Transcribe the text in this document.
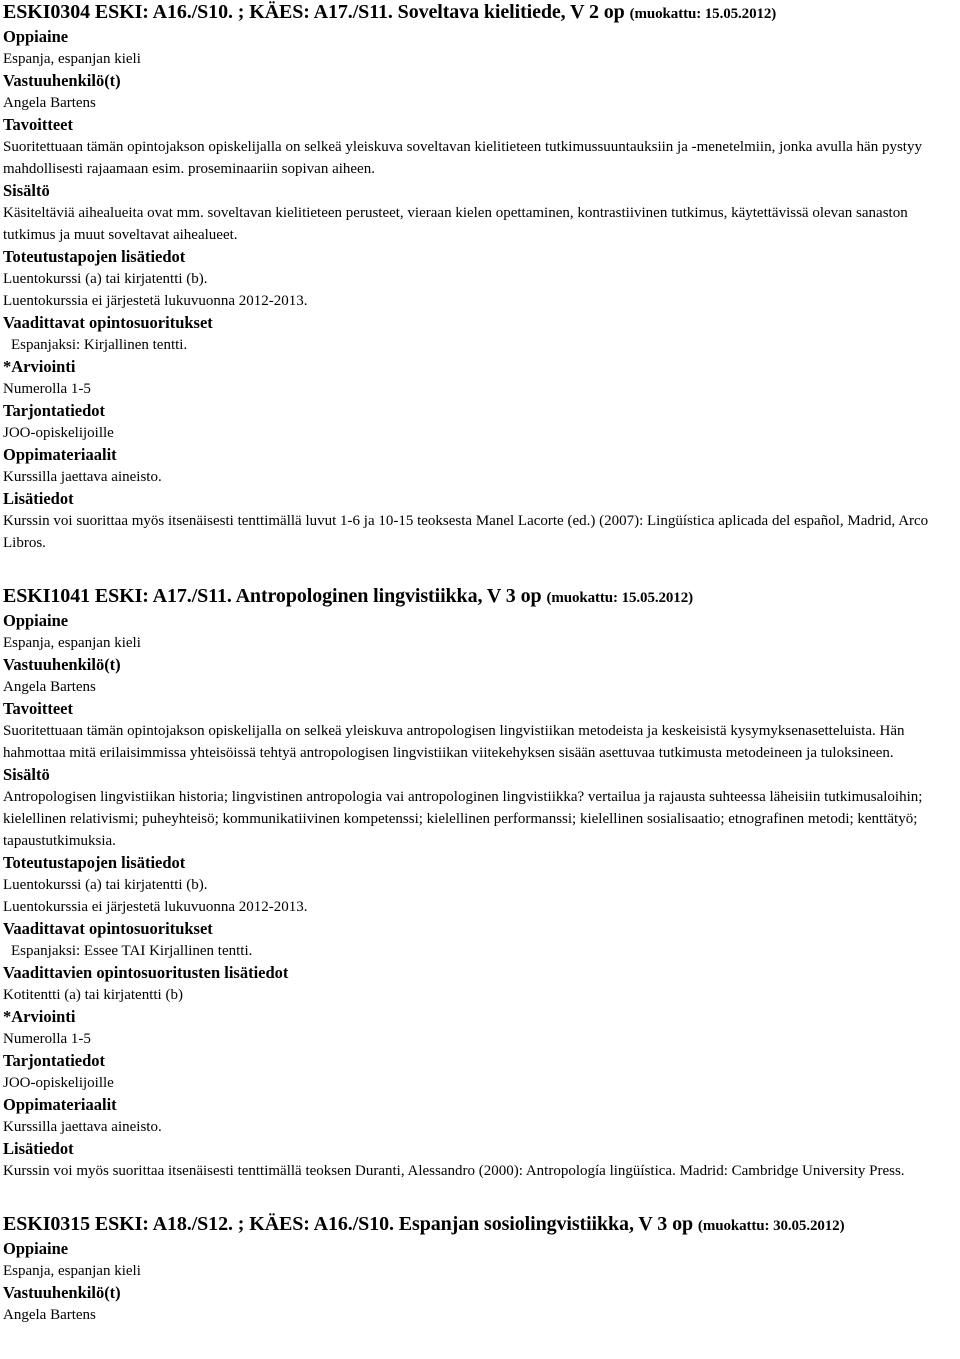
ESKI0304 ESKI: A16./S10. ; KÄES: A17./S11. Soveltava kielitiede, V 2 op (muokattu: 15.05.2012)
Oppiaine
Espanja, espanjan kieli
Vastuuhenkilö(t)
Angela Bartens
Tavoitteet
Suoritettuaan tämän opintojakson opiskelijalla on selkeä yleiskuva soveltavan kielitieteen tutkimussuuntauksiin ja -menetelmiin, jonka avulla hän pystyy mahdollisesti rajaamaan esim. proseminaariin sopivan aiheen.
Sisältö
Käsiteltäviä aihealueita ovat mm. soveltavan kielitieteen perusteet, vieraan kielen opettaminen, kontrastiivinen tutkimus, käytettävissä olevan sanaston tutkimus ja muut soveltavat aihealueet.
Toteutustapojen lisätiedot
Luentokurssi (a) tai kirjatentti (b).
Luentokurssia ei järjestetä lukuvuonna 2012-2013.
Vaadittavat opintosuoritukset
Espanjaksi: Kirjallinen tentti.
*Arviointi
Numerolla 1-5
Tarjontatiedot
JOO-opiskelijoille
Oppimateriaalit
Kurssilla jaettava aineisto.
Lisätiedot
Kurssin voi suorittaa myös itsenäisesti tenttimällä luvut 1-6 ja 10-15 teoksesta Manel Lacorte (ed.) (2007): Lingüística aplicada del español, Madrid, Arco Libros.
ESKI1041 ESKI: A17./S11. Antropologinen lingvistiikka, V 3 op (muokattu: 15.05.2012)
Oppiaine
Espanja, espanjan kieli
Vastuuhenkilö(t)
Angela Bartens
Tavoitteet
Suoritettuaan tämän opintojakson opiskelijalla on selkeä yleiskuva antropologisen lingvistiikan metodeista ja keskeisistä kysymyksenasetteluista. Hän hahmottaa mitä erilaisimmissa yhteisöissä tehtyä antropologisen lingvistiikan viitekehyksen sisään asettuvaa tutkimusta metodeineen ja tuloksineen.
Sisältö
Antropologisen lingvistiikan historia; lingvistinen antropologia vai antropologinen lingvistiikka? vertailua ja rajausta suhteessa läheisiin tutkimusaloihin; kielellinen relativismi; puheyhteisö; kommunikatiivinen kompetenssi; kielellinen performanssi; kielellinen sosialisaatio; etnografinen metodi; kenttätyö; tapaustutkimuksia.
Toteutustapojen lisätiedot
Luentokurssi (a) tai kirjatentti (b).
Luentokurssia ei järjestetä lukuvuonna 2012-2013.
Vaadittavat opintosuoritukset
Espanjaksi: Essee TAI Kirjallinen tentti.
Vaadittavien opintosuoritusten lisätiedot
Kotitentti (a) tai kirjatentti (b)
*Arviointi
Numerolla 1-5
Tarjontatiedot
JOO-opiskelijoille
Oppimateriaalit
Kurssilla jaettava aineisto.
Lisätiedot
Kurssin voi myös suorittaa itsenäisesti tenttimällä teoksen Duranti, Alessandro (2000): Antropología lingüística. Madrid: Cambridge University Press.
ESKI0315 ESKI: A18./S12. ; KÄES: A16./S10. Espanjan sosiolingvistiikka, V 3 op (muokattu: 30.05.2012)
Oppiaine
Espanja, espanjan kieli
Vastuuhenkilö(t)
Angela Bartens
